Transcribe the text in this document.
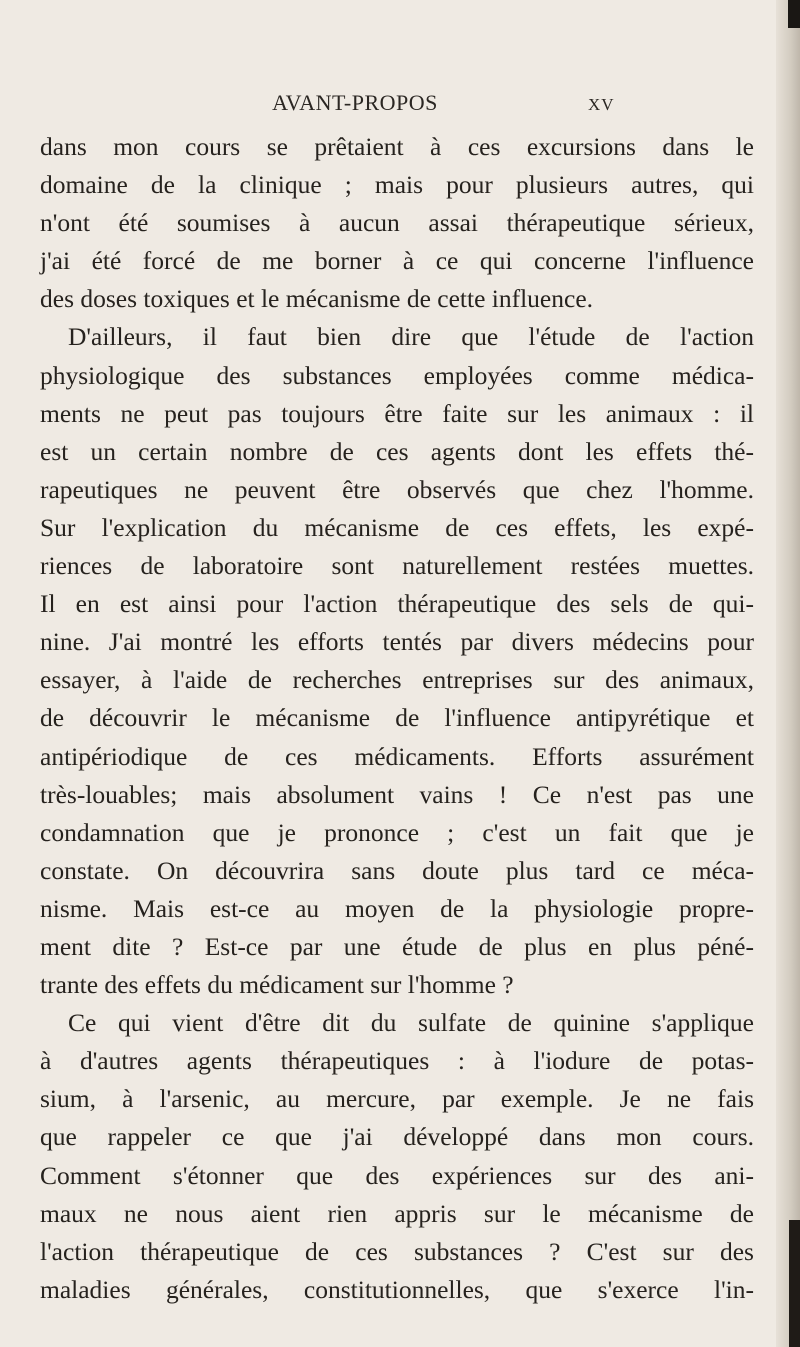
AVANT-PROPOS	XV
dans mon cours se prêtaient à ces excursions dans le
domaine de la clinique ; mais pour plusieurs autres, qui
n'ont été soumises à aucun assai thérapeutique sérieux,
j'ai été forcé de me borner à ce qui concerne l'influence
des doses toxiques et le mécanisme de cette influence.
D'ailleurs, il faut bien dire que l'étude de l'action
physiologique des substances employées comme médica-
ments ne peut pas toujours être faite sur les animaux : il
est un certain nombre de ces agents dont les effets thé-
rapeutiques ne peuvent être observés que chez l'homme.
Sur l'explication du mécanisme de ces effets, les expé-
riences de laboratoire sont naturellement restées muettes.
Il en est ainsi pour l'action thérapeutique des sels de qui-
nine. J'ai montré les efforts tentés par divers médecins pour
essayer, à l'aide de recherches entreprises sur des animaux,
de découvrir le mécanisme de l'influence antipyrétique et
antipériodique de ces médicaments. Efforts assurément
très-louables; mais absolument vains ! Ce n'est pas une
condamnation que je prononce ; c'est un fait que je
constate. On découvrira sans doute plus tard ce méca-
nisme. Mais est-ce au moyen de la physiologie propre-
ment dite ? Est-ce par une étude de plus en plus péné-
trante des effets du médicament sur l'homme ?
Ce qui vient d'être dit du sulfate de quinine s'applique
à d'autres agents thérapeutiques : à l'iodure de potas-
sium, à l'arsenic, au mercure, par exemple. Je ne fais
que rappeler ce que j'ai développé dans mon cours.
Comment s'étonner que des expériences sur des ani-
maux ne nous aient rien appris sur le mécanisme de
l'action thérapeutique de ces substances ? C'est sur des
maladies générales, constitutionnelles, que s'exerce l'in-
